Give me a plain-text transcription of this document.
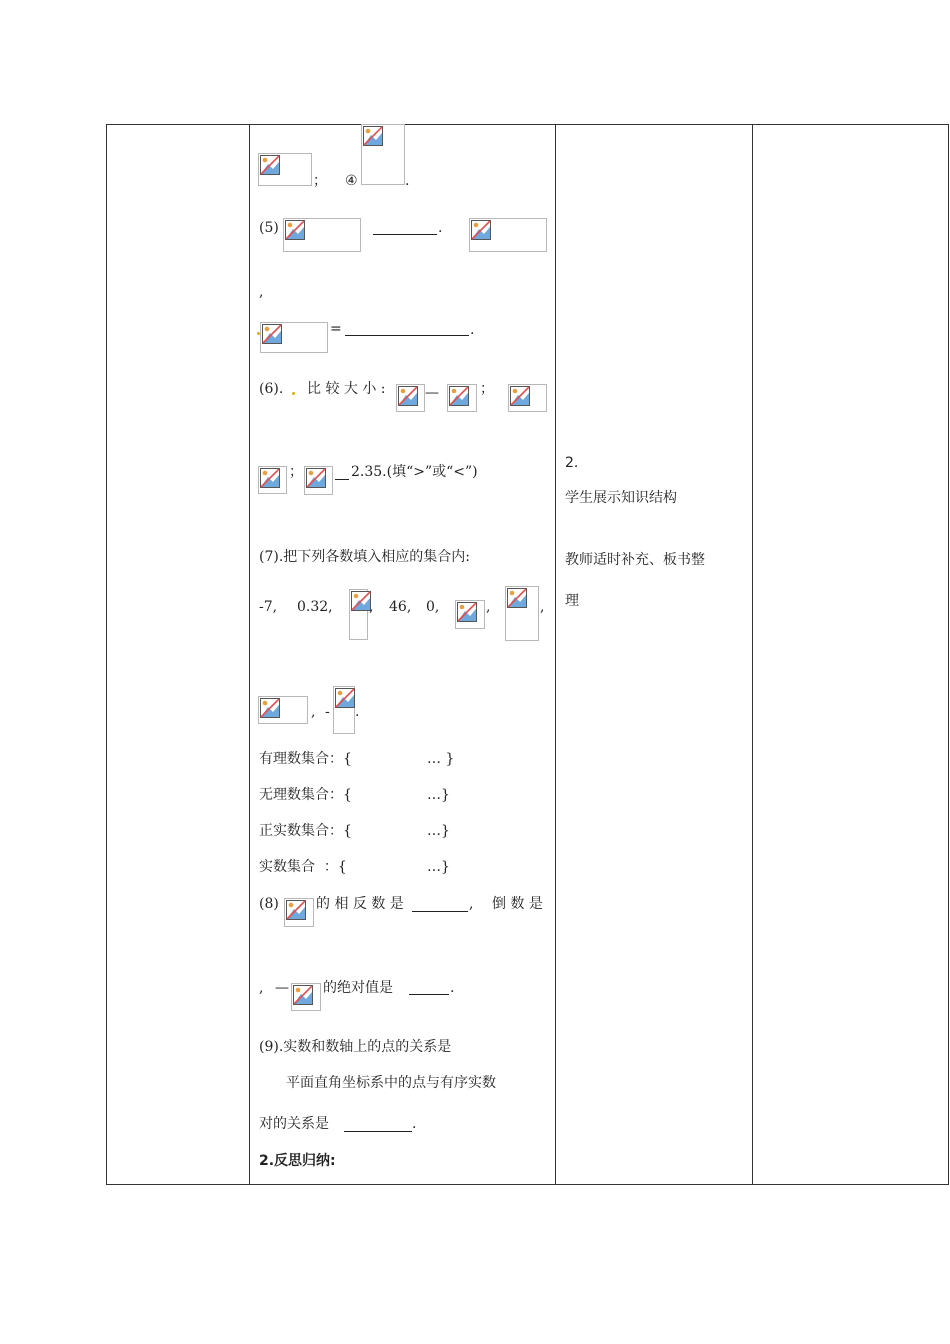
； ④	.
(5)	.
,
=	.
(6). 比 较 大 小 :	—	；
；	2.35.(填“>”或“<”)
(7).把下列各数填入相应的集合内:
-7, 0.32,	, 46, 0,	,	,
, - .
有理数集合：{	… }
无理数集合：{	…}
正实数集合：{	…}
实数集合  ：{	…}
(8)	的 相 反 数 是	, 倒 数 是
, — 的绝对值是	.
(9).实数和数轴上的点的关系是
平面直角坐标系中的点与有序实数
对的关系是	.
2.反思归纳:
2.
学生展示知识结构
教师适时补充、板书整
理
